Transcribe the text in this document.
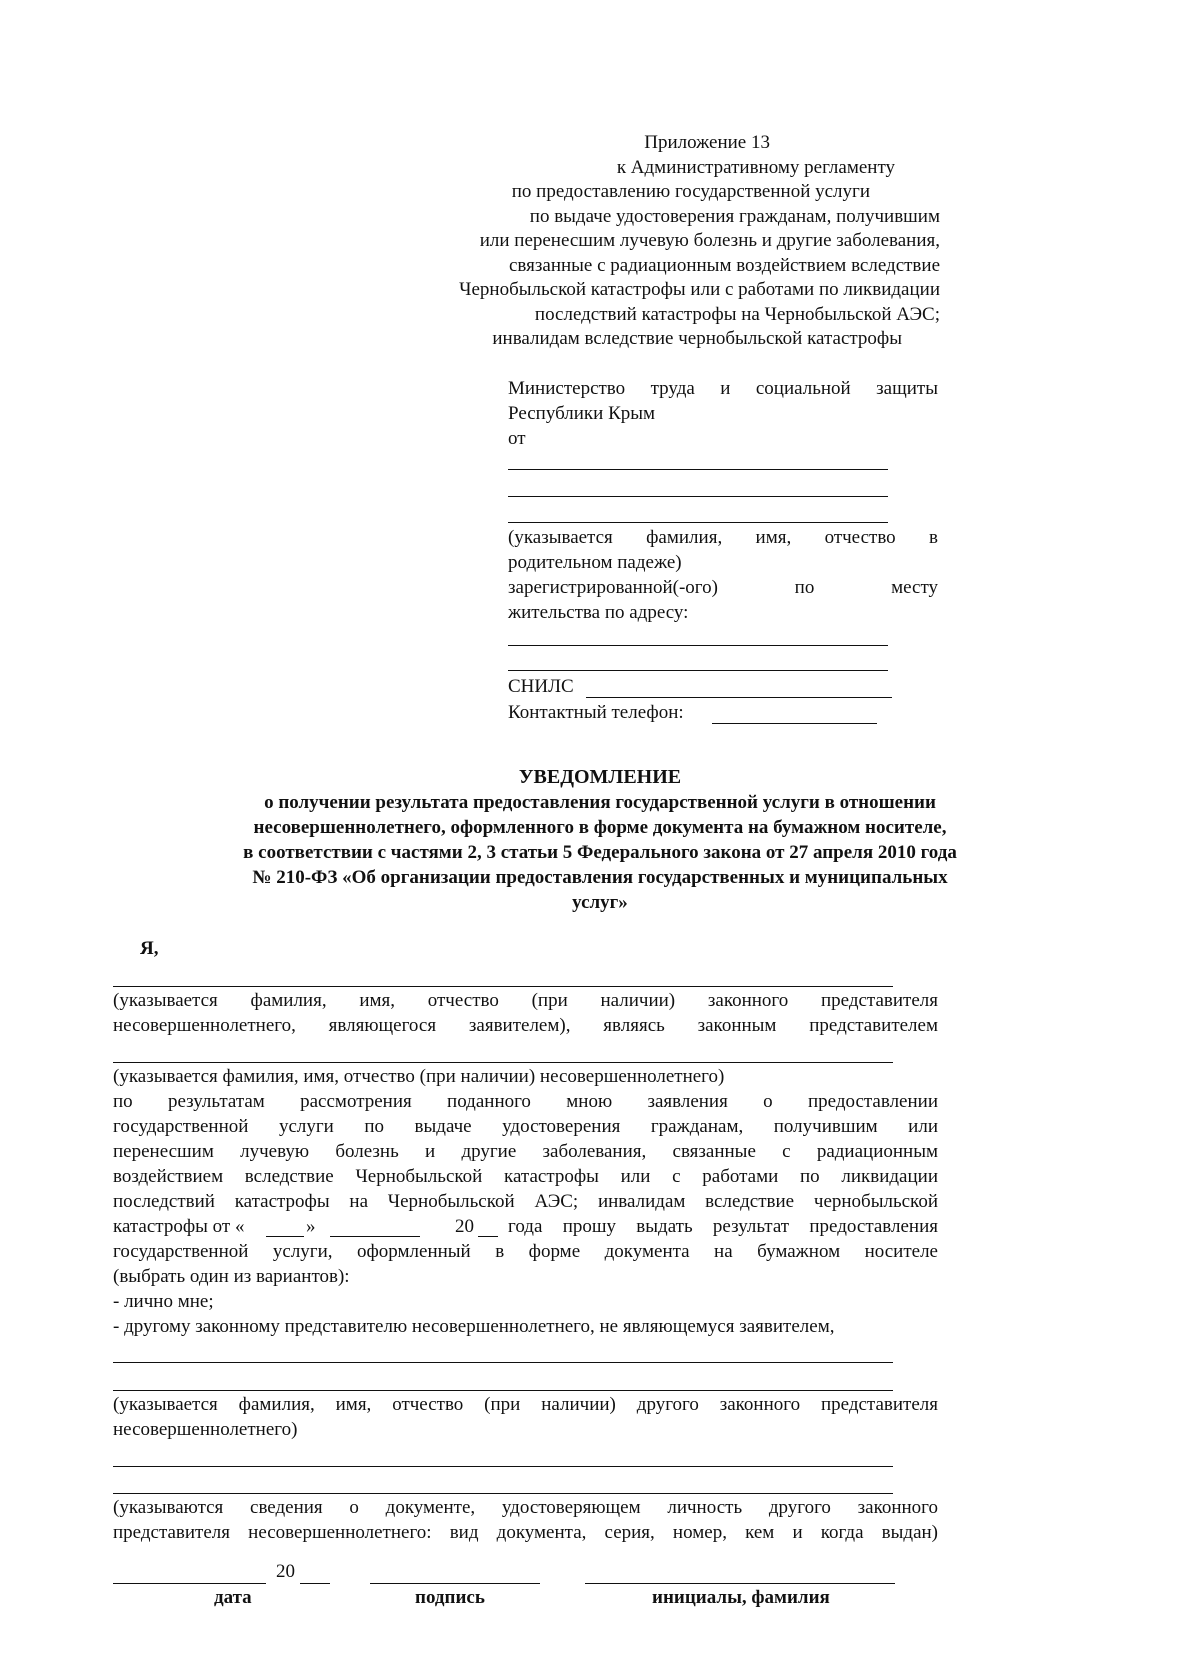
Приложение 13
к Административному регламенту
по предоставлению государственной услуги
по выдаче удостоверения гражданам, получившим
или перенесшим лучевую болезнь и другие заболевания,
связанные с радиационным воздействием вследствие
Чернобыльской катастрофы или с работами по ликвидации
последствий катастрофы на Чернобыльской АЭС;
инвалидам вследствие чернобыльской катастрофы
Министерство труда и социальной защиты
Республики Крым
от
(указывается фамилия, имя, отчество в
родительном падеже)
зарегистрированной(-ого) по месту
жительства по адресу:
СНИЛС
Контактный телефон:
УВЕДОМЛЕНИЕ
о получении результата предоставления государственной услуги в отношении
несовершеннолетнего, оформленного в форме документа на бумажном носителе,
в соответствии с частями 2, 3 статьи 5 Федерального закона от 27 апреля 2010 года
№ 210-ФЗ «Об организации предоставления государственных и муниципальных
услуг»
Я,
(указывается фамилия, имя, отчество (при наличии) законного представителя
несовершеннолетнего, являющегося заявителем), являясь законным представителем
(указывается фамилия, имя, отчество (при наличии) несовершеннолетнего)
по результатам рассмотрения поданного мною заявления о предоставлении
государственной услуги по выдаче удостоверения гражданам, получившим или
перенесшим лучевую болезнь и другие заболевания, связанные с радиационным
воздействием вследствие Чернобыльской катастрофы или с работами по ликвидации
последствий катастрофы на Чернобыльской АЭС; инвалидам вследствие чернобыльской
катастрофы от «	»	20 года прошу выдать результат предоставления
государственной услуги, оформленный в форме документа на бумажном носителе
(выбрать один из вариантов):
- лично мне;
- другому законному представителю несовершеннолетнего, не являющемуся заявителем,
(указывается фамилия, имя, отчество (при наличии) другого законного представителя
несовершеннолетнего)
(указываются сведения о документе, удостоверяющем личность другого законного
представителя несовершеннолетнего: вид документа, серия, номер, кем и когда выдан)
20
дата	подпись	инициалы, фамилия
